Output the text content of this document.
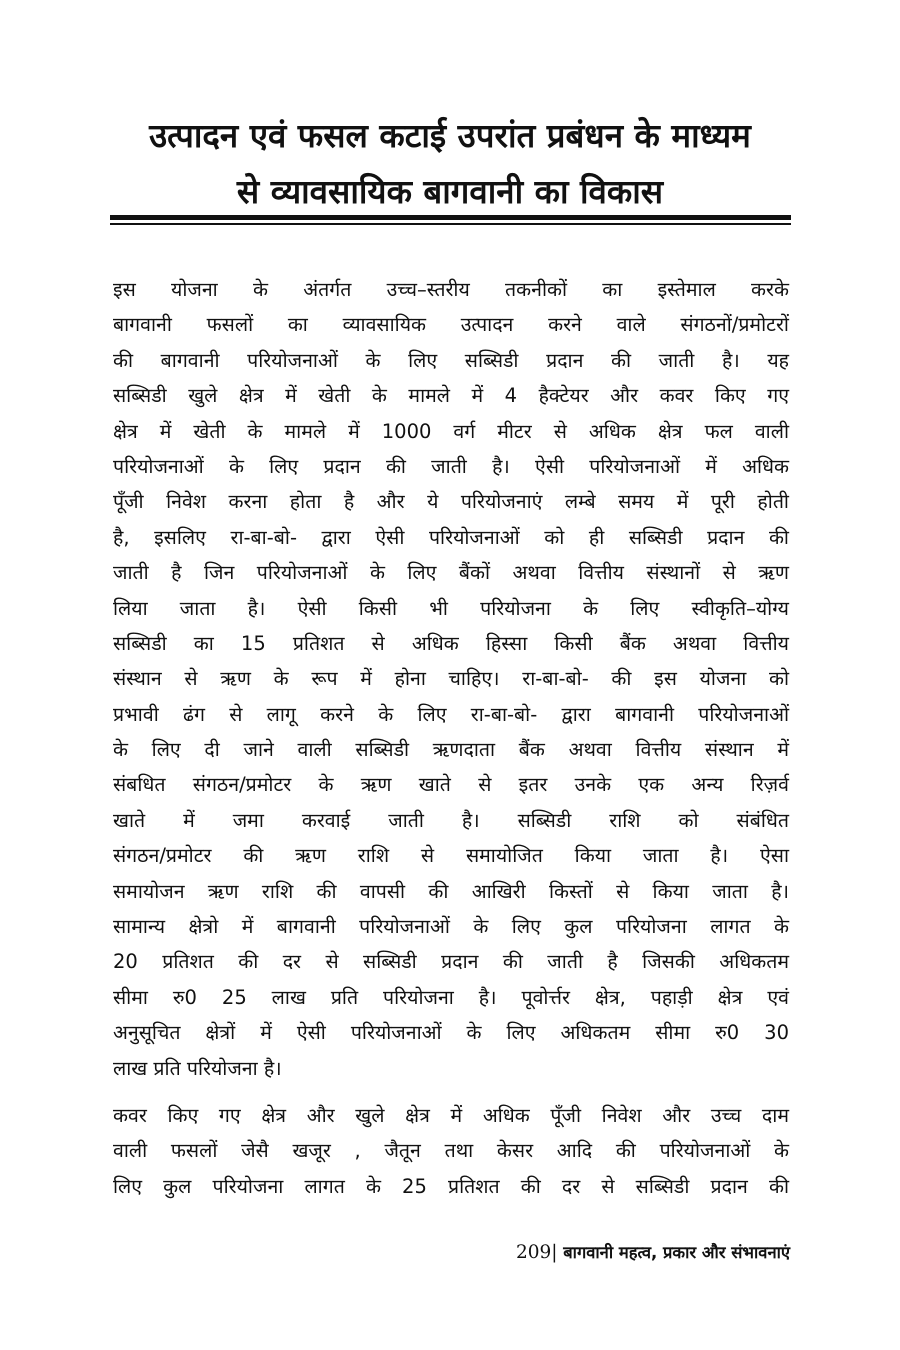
उत्पादन एवं फसल कटाई उपरांत प्रबंधन के माध्यम
से व्यावसायिक बागवानी का विकास
इस योजना के अंतर्गत उच्च–स्तरीय तकनीकों का इस्तेमाल करके
बागवानी फसलों का व्यावसायिक उत्पादन करने वाले संगठनों/प्रमोटरों
की बागवानी परियोजनाओं के लिए सब्सिडी प्रदान की जाती है। यह
सब्सिडी खुले क्षेत्र में खेती के मामले में 4 हैक्टेयर और कवर किए गए
क्षेत्र में खेती के मामले में 1000 वर्ग मीटर से अधिक क्षेत्र फल वाली
परियोजनाओं के लिए प्रदान की जाती है। ऐसी परियोजनाओं में अधिक
पूँजी निवेश करना होता है और ये परियोजनाएं लम्बे समय में पूरी होती
है, इसलिए रा-बा-बो- द्वारा ऐसी परियोजनाओं को ही सब्सिडी प्रदान की
जाती है जिन परियोजनाओं के लिए बैंकों अथवा वित्तीय संस्थानों से ऋण
लिया जाता है। ऐसी किसी भी परियोजना के लिए स्वीकृति–योग्य
सब्सिडी का 15 प्रतिशत से अधिक हिस्सा किसी बैंक अथवा वित्तीय
संस्थान से ऋण के रूप में होना चाहिए। रा-बा-बो- की इस योजना को
प्रभावी ढंग से लागू करने के लिए रा-बा-बो- द्वारा बागवानी परियोजनाओं
के लिए दी जाने वाली सब्सिडी ऋणदाता बैंक अथवा वित्तीय संस्थान में
संबधित संगठन/प्रमोटर के ऋण खाते से इतर उनके एक अन्य रिज़र्व
खाते में जमा करवाई जाती है। सब्सिडी राशि को संबंधित
संगठन/प्रमोटर की ऋण राशि से समायोजित किया जाता है। ऐसा
समायोजन ऋण राशि की वापसी की आखिरी किस्तों से किया जाता है।
सामान्य क्षेत्रो में बागवानी परियोजनाओं के लिए कुल परियोजना लागत के
20 प्रतिशत की दर से सब्सिडी प्रदान की जाती है जिसकी अधिकतम
सीमा रु0 25 लाख प्रति परियोजना है। पूवोर्त्तर क्षेत्र, पहाड़ी क्षेत्र एवं
अनुसूचित क्षेत्रों में ऐसी परियोजनाओं के लिए अधिकतम सीमा रु0 30
लाख प्रति परियोजना है।
कवर किए गए क्षेत्र और खुले क्षेत्र में अधिक पूँजी निवेश और उच्च दाम
वाली फसलों जेसै खजूर , जैतून तथा केसर आदि की परियोजनाओं के
लिए कुल परियोजना लागत के 25 प्रतिशत की दर से सब्सिडी प्रदान की
209| बागवानी महत्व, प्रकार और संभावनाएं
